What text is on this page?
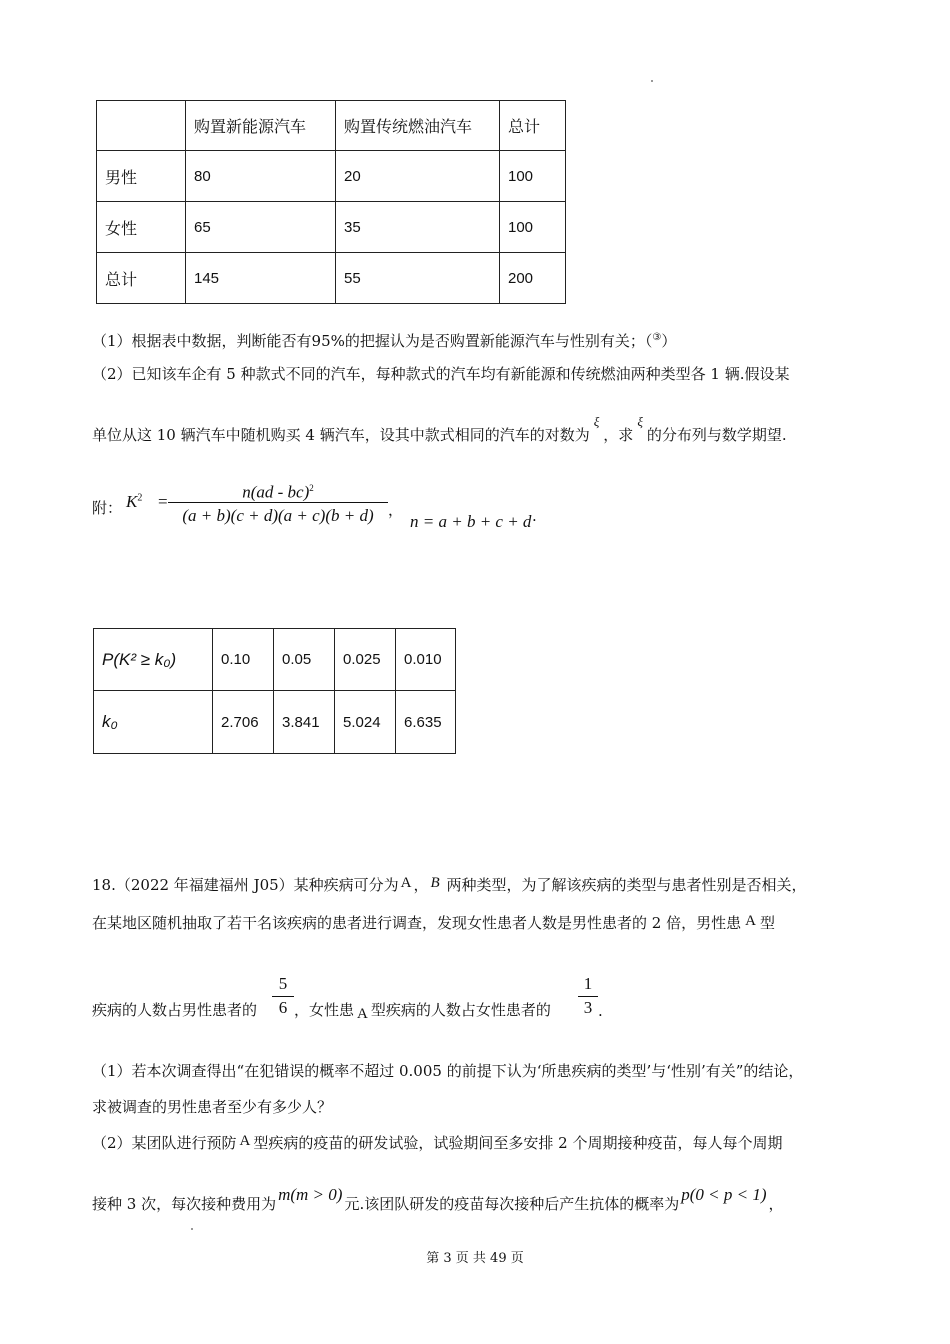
	购置新能源汽车	购置传统燃油汽车	总计
男性	80	20	100
女性	65	35	100
总计	145	55	200
（1）根据表中数据，判断能否有95%的把握认为是否购置新能源汽车与性别有关；（③）
（2）已知该车企有 5 种款式不同的汽车，每种款式的汽车均有新能源和传统燃油两种类型各 1 辆.假设某
单位从这 10 辆汽车中随机购买 4 辆汽车，设其中款式相同的汽车的对数为ξ，求ξ的分布列与数学期望.
附： $K^2$ =	n(ad - bc)$^2$
(a + b)(c + d)(a + c)(b + d) ，
n = a + b + c + d .
P(K² ≥ k₀)	0.10	0.05	0.025	0.010
k₀	2.706	3.841	5.024	6.635
18.（2022 年福建福州 J05）某种疾病可分为 A ， B 两种类型，为了解该疾病的类型与患者性别是否相关，
在某地区随机抽取了若干名该疾病的患者进行调查，发现女性患者人数是男性患者的 2 倍，男性患 A 型
疾病的人数占男性患者的
5
6 ，女性患 A 型疾病的人数占女性患者的
1
3 .
（1）若本次调查得出“在犯错误的概率不超过 0.005 的前提下认为‘所患疾病的类型’与‘性别’有关”的结论，
求被调查的男性患者至少有多少人？
（2）某团队进行预防 A 型疾病的疫苗的研发试验，试验期间至多安排 2 个周期接种疫苗，每人每个周期
接种 3 次，每次接种费用为 m(m > 0) 元.该团队研发的疫苗每次接种后产生抗体的概率为 p(0 < p < 1) ，
第 3 页 共 49 页
